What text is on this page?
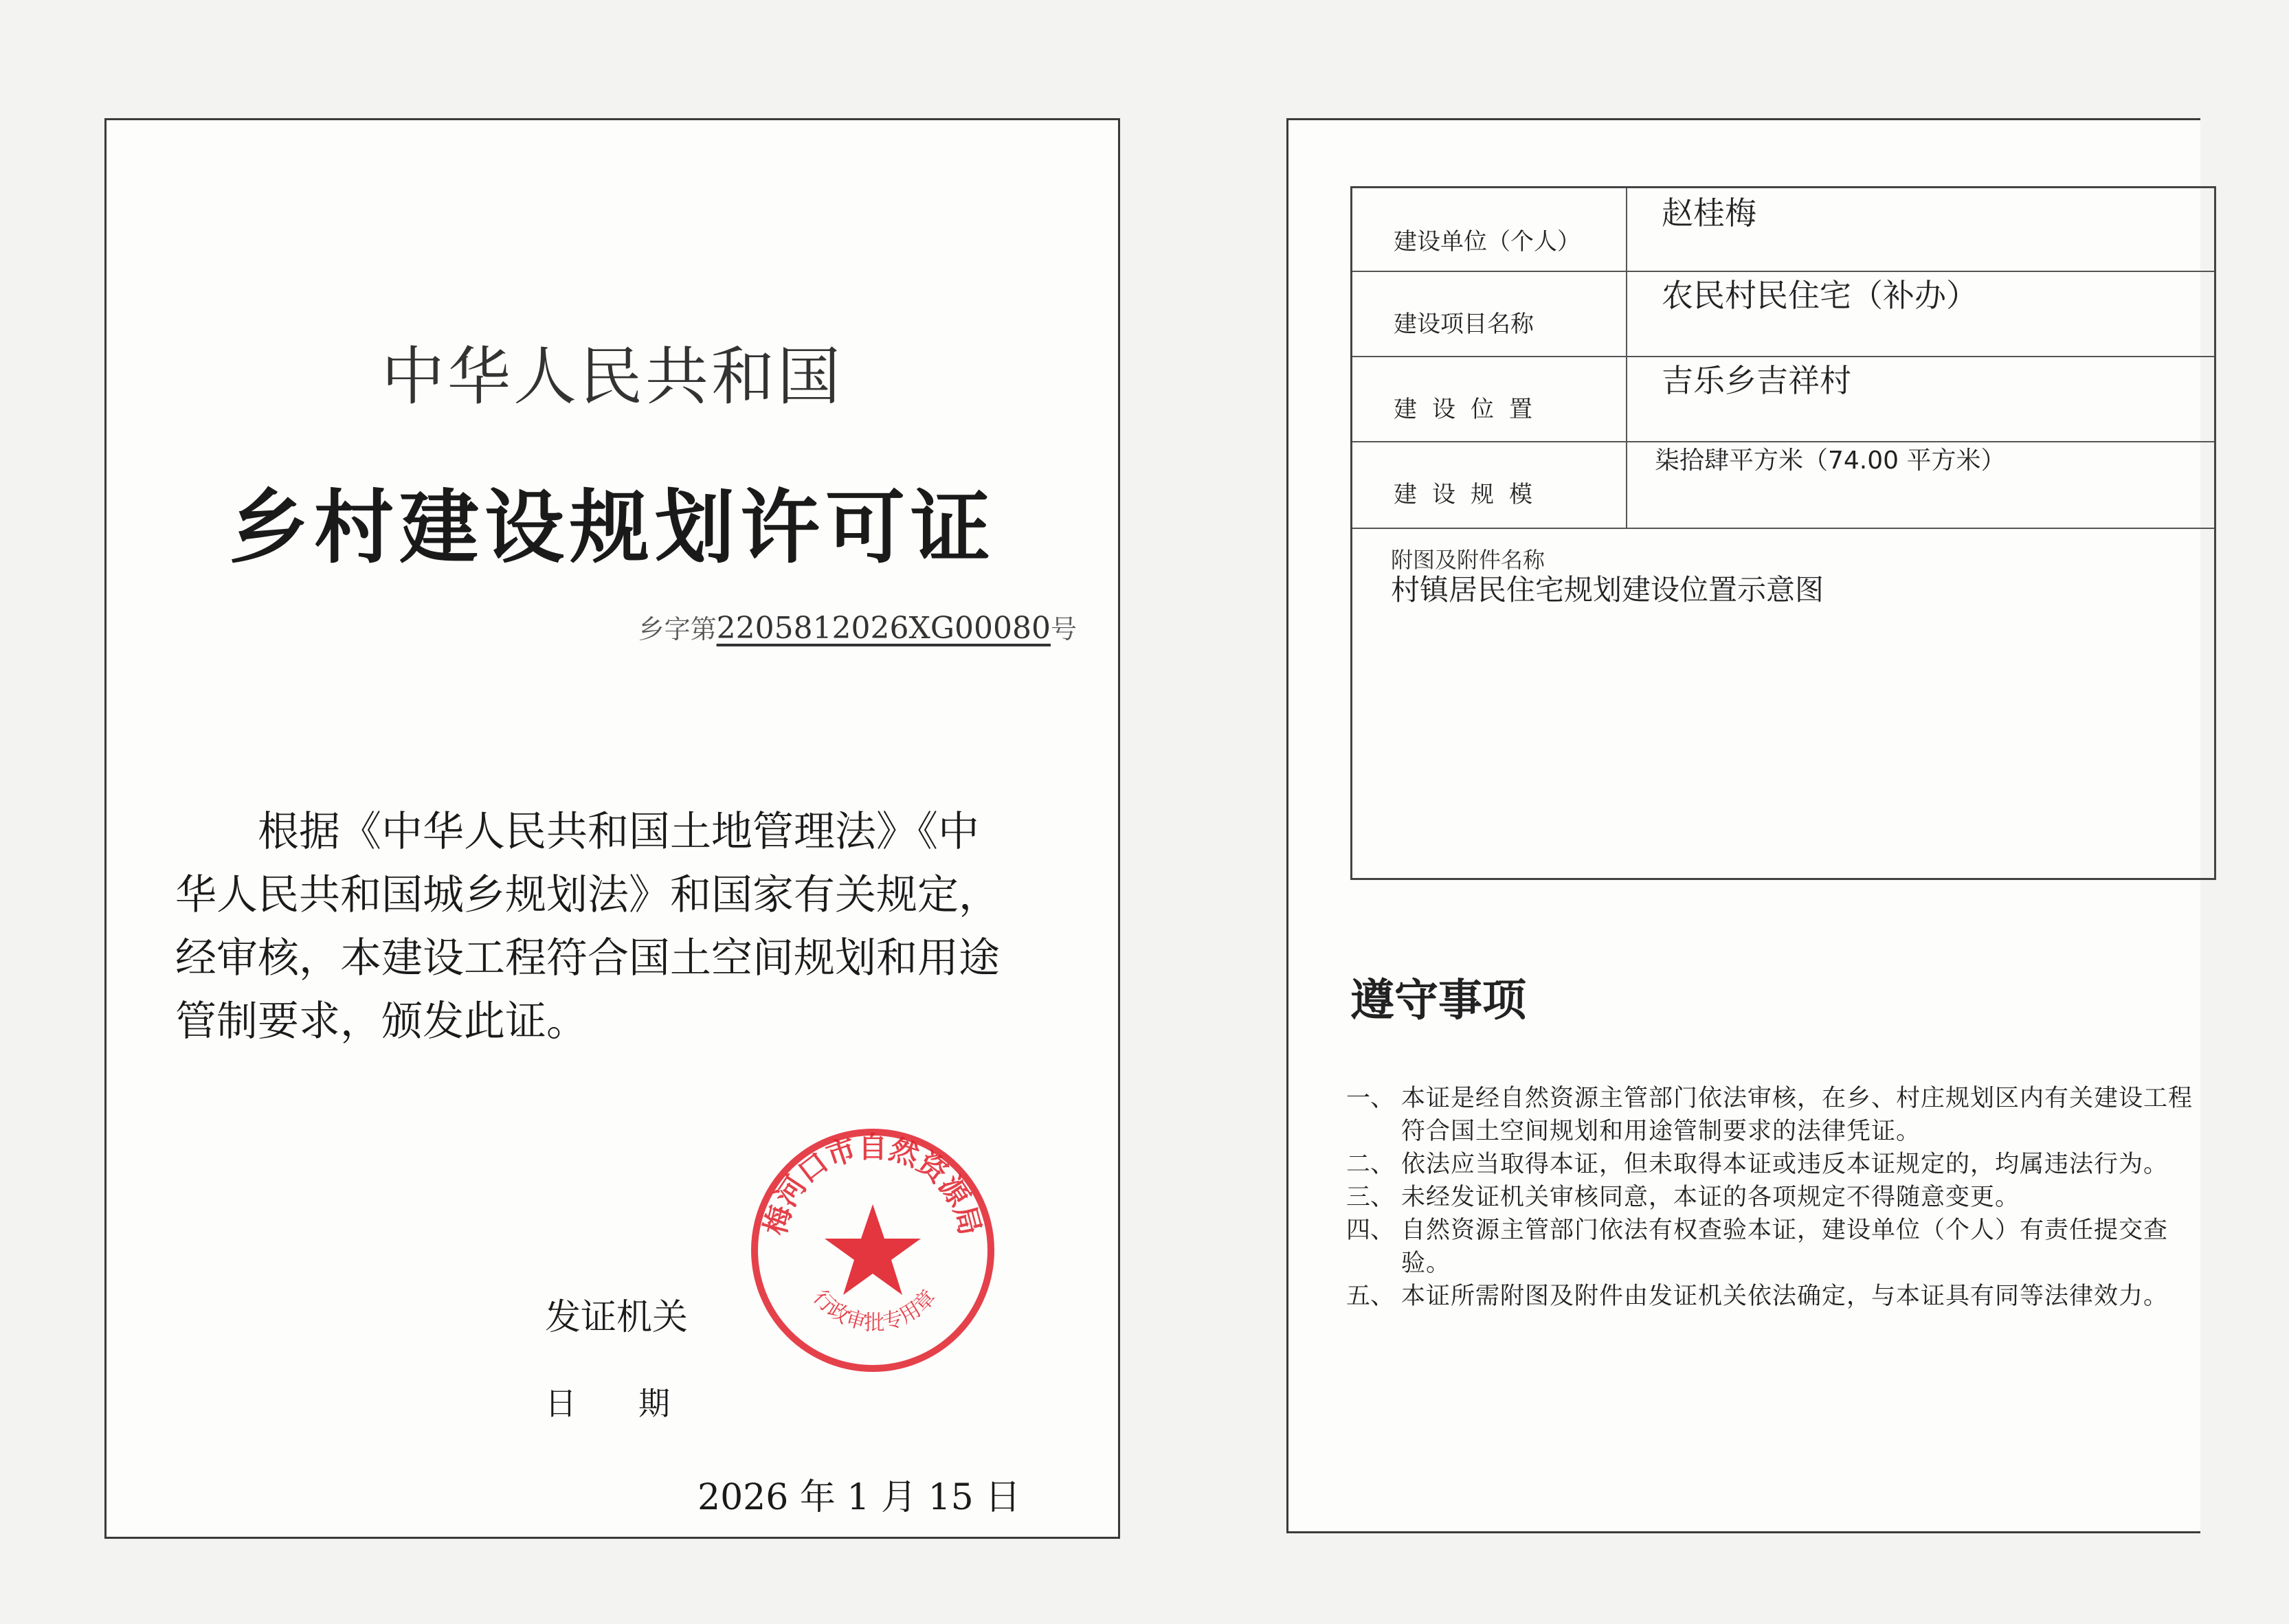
中华人民共和国
乡村建设规划许可证
乡字第2205812026XG00080号

　　根据《中华人民共和国土地管理法》《中

华人民共和国城乡规划法》和国家有关规定，

经审核，本建设工程符合国土空间规划和用途

管制要求，颁发此证。

发证机关
日期
2026 年 1 月 15 日
梅河口市自然资源局
行政审批专用章
建设单位（个人）
赵桂梅
建设项目名称
农民村民住宅（补办）
建设位置
吉乐乡吉祥村
建设规模
柒拾肆平方米（74.00 平方米）
附图及附件名称
村镇居民住宅规划建设位置示意图
遵守事项
一、 本证是经自然资源主管部门依法审核，在乡、村庄规划区内有关建设工程符合国土空间规划和用途管制要求的法律凭证。
二、 依法应当取得本证，但未取得本证或违反本证规定的，均属违法行为。
三、 未经发证机关审核同意，本证的各项规定不得随意变更。
四、 自然资源主管部门依法有权查验本证，建设单位（个人）有责任提交查验。
五、 本证所需附图及附件由发证机关依法确定，与本证具有同等法律效力。
